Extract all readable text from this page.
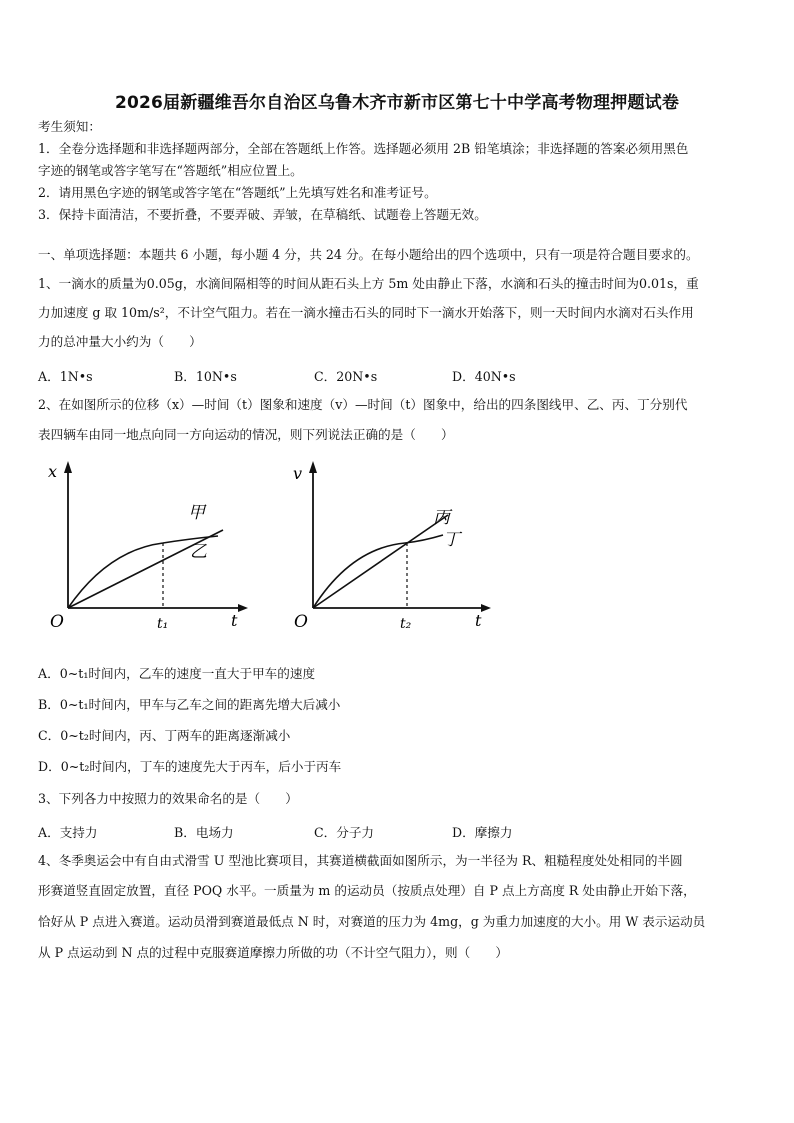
2026届新疆维吾尔自治区乌鲁木齐市新市区第七十中学高考物理押题试卷
考生须知：
1．全卷分选择题和非选择题两部分，全部在答题纸上作答。选择题必须用 2B 铅笔填涂；非选择题的答案必须用黑色
字迹的钢笔或答字笔写在“答题纸”相应位置上。
2．请用黑色字迹的钢笔或答字笔在“答题纸”上先填写姓名和准考证号。
3．保持卡面清洁，不要折叠，不要弄破、弄皱，在草稿纸、试题卷上答题无效。
一、单项选择题：本题共 6 小题，每小题 4 分，共 24 分。在每小题给出的四个选项中，只有一项是符合题目要求的。
1、一滴水的质量为0.05g，水滴间隔相等的时间从距石头上方 5m 处由静止下落，水滴和石头的撞击时间为0.01s，重
力加速度 g 取 10m/s²，不计空气阻力。若在一滴水撞击石头的同时下一滴水开始落下，则一天时间内水滴对石头作用
力的总冲量大小约为（　　）
A．1N•s	B．10N•s	C．20N•s	D．40N•s
2、在如图所示的位移（x）—时间（t）图象和速度（v）—时间（t）图象中，给出的四条图线甲、乙、丙、丁分别代
表四辆车由同一地点向同一方向运动的情况，则下列说法正确的是（　　）
x
t
O	t₁
甲
乙
v
t
O	t₂
丙
丁
A．0~t₁时间内，乙车的速度一直大于甲车的速度
B．0~t₁时间内，甲车与乙车之间的距离先增大后减小
C．0~t₂时间内，丙、丁两车的距离逐渐减小
D．0~t₂时间内，丁车的速度先大于丙车，后小于丙车
3、下列各力中按照力的效果命名的是（　　）
A．支持力	B．电场力	C．分子力	D．摩擦力
4、冬季奥运会中有自由式滑雪 U 型池比赛项目，其赛道横截面如图所示，为一半径为 R、粗糙程度处处相同的半圆
形赛道竖直固定放置，直径 POQ 水平。一质量为 m 的运动员（按质点处理）自 P 点上方高度 R 处由静止开始下落，
恰好从 P 点进入赛道。运动员滑到赛道最低点 N 时，对赛道的压力为 4mg，g 为重力加速度的大小。用 W 表示运动员
从 P 点运动到 N 点的过程中克服赛道摩擦力所做的功（不计空气阻力），则（　　）
